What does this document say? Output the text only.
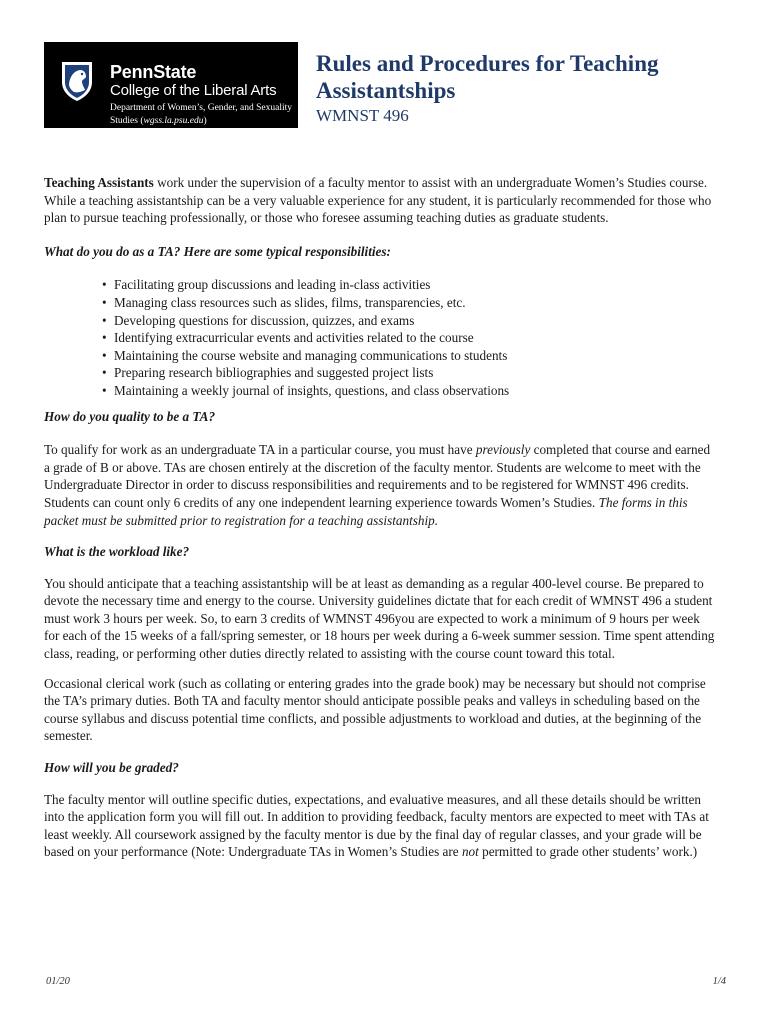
PennState
College of the Liberal Arts
Department of Women’s, Gender, and Sexuality Studies (wgss.la.psu.edu)
Rules and Procedures for Teaching Assistantships
WMNST 496

Teaching Assistants work under the supervision of a faculty mentor to assist with an undergraduate Women’s Studies course. While a teaching assistantship can be a very valuable experience for any student, it is particularly recommended for those who plan to pursue teaching professionally, or those who foresee assuming teaching duties as graduate students.

What do you do as a TA? Here are some typical responsibilities:

• Facilitating group discussions and leading in-class activities
• Managing class resources such as slides, films, transparencies, etc.
• Developing questions for discussion, quizzes, and exams
• Identifying extracurricular events and activities related to the course
• Maintaining the course website and managing communications to students
• Preparing research bibliographies and suggested project lists
• Maintaining a weekly journal of insights, questions, and class observations

How do you quality to be a TA?

To qualify for work as an undergraduate TA in a particular course, you must have previously completed that course and earned a grade of B or above. TAs are chosen entirely at the discretion of the faculty mentor. Students are welcome to meet with the Undergraduate Director in order to discuss responsibilities and requirements and to be registered for WMNST 496 credits. Students can count only 6 credits of any one independent learning experience towards Women’s Studies. The forms in this packet must be submitted prior to registration for a teaching assistantship.

What is the workload like?

You should anticipate that a teaching assistantship will be at least as demanding as a regular 400-level course. Be prepared to devote the necessary time and energy to the course. University guidelines dictate that for each credit of WMNST 496 a student must work 3 hours per week. So, to earn 3 credits of WMNST 496you are expected to work a minimum of 9 hours per week for each of the 15 weeks of a fall/spring semester, or 18 hours per week during a 6-week summer session. Time spent attending class, reading, or performing other duties directly related to assisting with the course count toward this total.

Occasional clerical work (such as collating or entering grades into the grade book) may be necessary but should not comprise the TA’s primary duties. Both TA and faculty mentor should anticipate possible peaks and valleys in scheduling based on the course syllabus and discuss potential time conflicts, and possible adjustments to workload and duties, at the beginning of the semester.

How will you be graded?

The faculty mentor will outline specific duties, expectations, and evaluative measures, and all these details should be written into the application form you will fill out. In addition to providing feedback, faculty mentors are expected to meet with TAs at least weekly. All coursework assigned by the faculty mentor is due by the final day of regular classes, and your grade will be based on your performance (Note: Undergraduate TAs in Women’s Studies are not permitted to grade other students’ work.)

01/20	1/4
